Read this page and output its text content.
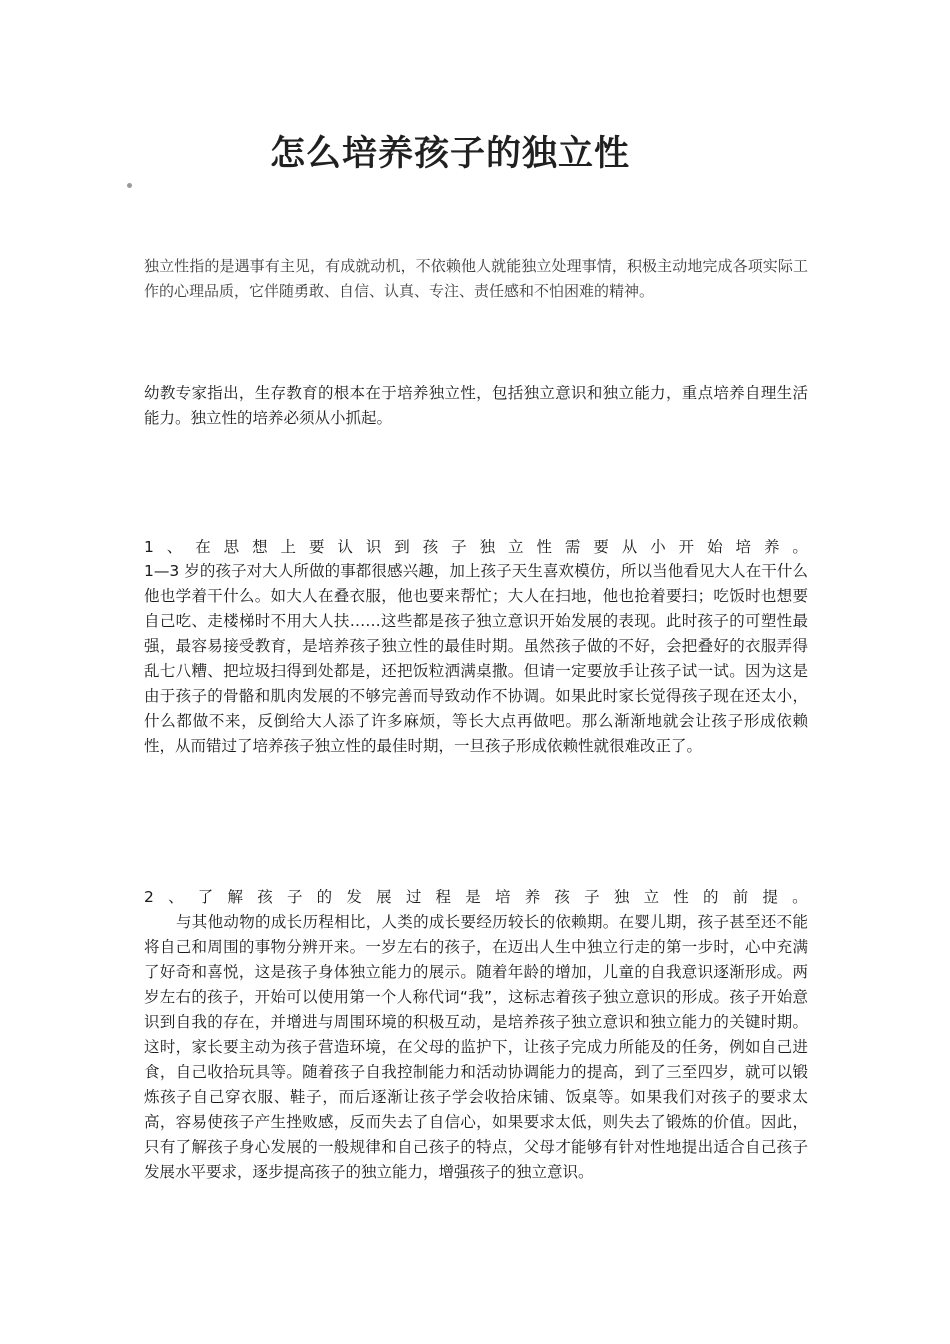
怎么培养孩子的独立性

独立性指的是遇事有主见，有成就动机，不依赖他人就能独立处理事情，积极主动地完成各项实际工作的心理品质，它伴随勇敢、自信、认真、专注、责任感和不怕困难的精神。

幼教专家指出，生存教育的根本在于培养独立性，包括独立意识和独立能力，重点培养自理生活能力。独立性的培养必须从小抓起。

1 、 在 思 想 上 要 认 识 到 孩 子 独 立 性 需 要 从 小 开 始 培 养 。

1—3 岁的孩子对大人所做的事都很感兴趣，加上孩子天生喜欢模仿，所以当他看见大人在干什么他也学着干什么。如大人在叠衣服，他也要来帮忙；大人在扫地，他也抢着要扫；吃饭时也想要自己吃、走楼梯时不用大人扶……这些都是孩子独立意识开始发展的表现。此时孩子的可塑性最强，最容易接受教育，是培养孩子独立性的最佳时期。虽然孩子做的不好，会把叠好的衣服弄得乱七八糟、把垃圾扫得到处都是，还把饭粒洒满桌撒。但请一定要放手让孩子试一试。因为这是由于孩子的骨骼和肌肉发展的不够完善而导致动作不协调。如果此时家长觉得孩子现在还太小，什么都做不来，反倒给大人添了许多麻烦，等长大点再做吧。那么渐渐地就会让孩子形成依赖性，从而错过了培养孩子独立性的最佳时期，一旦孩子形成依赖性就很难改正了。

2 、 了 解 孩 子 的 发 展 过 程 是 培 养 孩 子 独 立 性 的 前 提 。

与其他动物的成长历程相比，人类的成长要经历较长的依赖期。在婴儿期，孩子甚至还不能将自己和周围的事物分辨开来。一岁左右的孩子，在迈出人生中独立行走的第一步时，心中充满了好奇和喜悦，这是孩子身体独立能力的展示。随着年龄的增加，儿童的自我意识逐渐形成。两岁左右的孩子，开始可以使用第一个人称代词“我”，这标志着孩子独立意识的形成。孩子开始意识到自我的存在，并增进与周围环境的积极互动，是培养孩子独立意识和独立能力的关键时期。这时，家长要主动为孩子营造环境，在父母的监护下，让孩子完成力所能及的任务，例如自己进食，自己收拾玩具等。随着孩子自我控制能力和活动协调能力的提高，到了三至四岁，就可以锻炼孩子自己穿衣服、鞋子，而后逐渐让孩子学会收拾床铺、饭桌等。如果我们对孩子的要求太高，容易使孩子产生挫败感，反而失去了自信心，如果要求太低，则失去了锻炼的价值。因此，只有了解孩子身心发展的一般规律和自己孩子的特点，父母才能够有针对性地提出适合自己孩子发展水平要求，逐步提高孩子的独立能力，增强孩子的独立意识。
